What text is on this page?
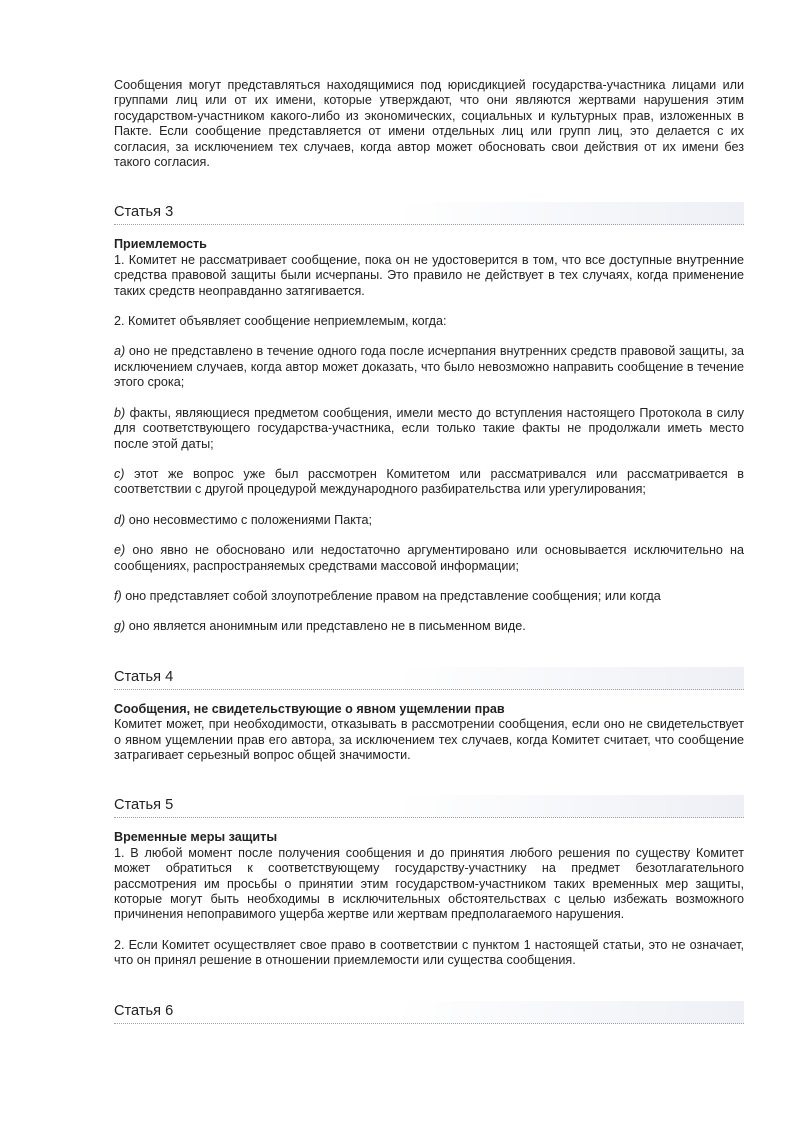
Сообщения могут представляться находящимися под юрисдикцией государства-участника лицами или группами лиц или от их имени, которые утверждают, что они являются жертвами нарушения этим государством-участником какого-либо из экономических, социальных и культурных прав, изложенных в Пакте. Если сообщение представляется от имени отдельных лиц или групп лиц, это делается с их согласия, за исключением тех случаев, когда автор может обосновать свои действия от их имени без такого согласия.

Статья 3
Приемлемость

1. Комитет не рассматривает сообщение, пока он не удостоверится в том, что все доступные внутренние средства правовой защиты были исчерпаны. Это правило не действует в тех случаях, когда применение таких средств неоправданно затягивается.

2. Комитет объявляет сообщение неприемлемым, когда:

a) оно не представлено в течение одного года после исчерпания внутренних средств правовой защиты, за исключением случаев, когда автор может доказать, что было невозможно направить сообщение в течение этого срока;

b) факты, являющиеся предметом сообщения, имели место до вступления настоящего Протокола в силу для соответствующего государства-участника, если только такие факты не продолжали иметь место после этой даты;

c) этот же вопрос уже был рассмотрен Комитетом или рассматривался или рассматривается в соответствии с другой процедурой международного разбирательства или урегулирования;

d) оно несовместимо с положениями Пакта;

e) оно явно не обосновано или недостаточно аргументировано или основывается исключительно на сообщениях, распространяемых средствами массовой информации;

f) оно представляет собой злоупотребление правом на представление сообщения; или когда

g) оно является анонимным или представлено не в письменном виде.

Статья 4
Сообщения, не свидетельствующие о явном ущемлении прав

Комитет может, при необходимости, отказывать в рассмотрении сообщения, если оно не свидетельствует о явном ущемлении прав его автора, за исключением тех случаев, когда Комитет считает, что сообщение затрагивает серьезный вопрос общей значимости.

Статья 5
Временные меры защиты

1. В любой момент после получения сообщения и до принятия любого решения по существу Комитет может обратиться к соответствующему государству-участнику на предмет безотлагательного рассмотрения им просьбы о принятии этим государством-участником таких временных мер защиты, которые могут быть необходимы в исключительных обстоятельствах с целью избежать возможного причинения непоправимого ущерба жертве или жертвам предполагаемого нарушения.

2. Если Комитет осуществляет свое право в соответствии с пунктом 1 настоящей статьи, это не означает, что он принял решение в отношении приемлемости или существа сообщения.

Статья 6
